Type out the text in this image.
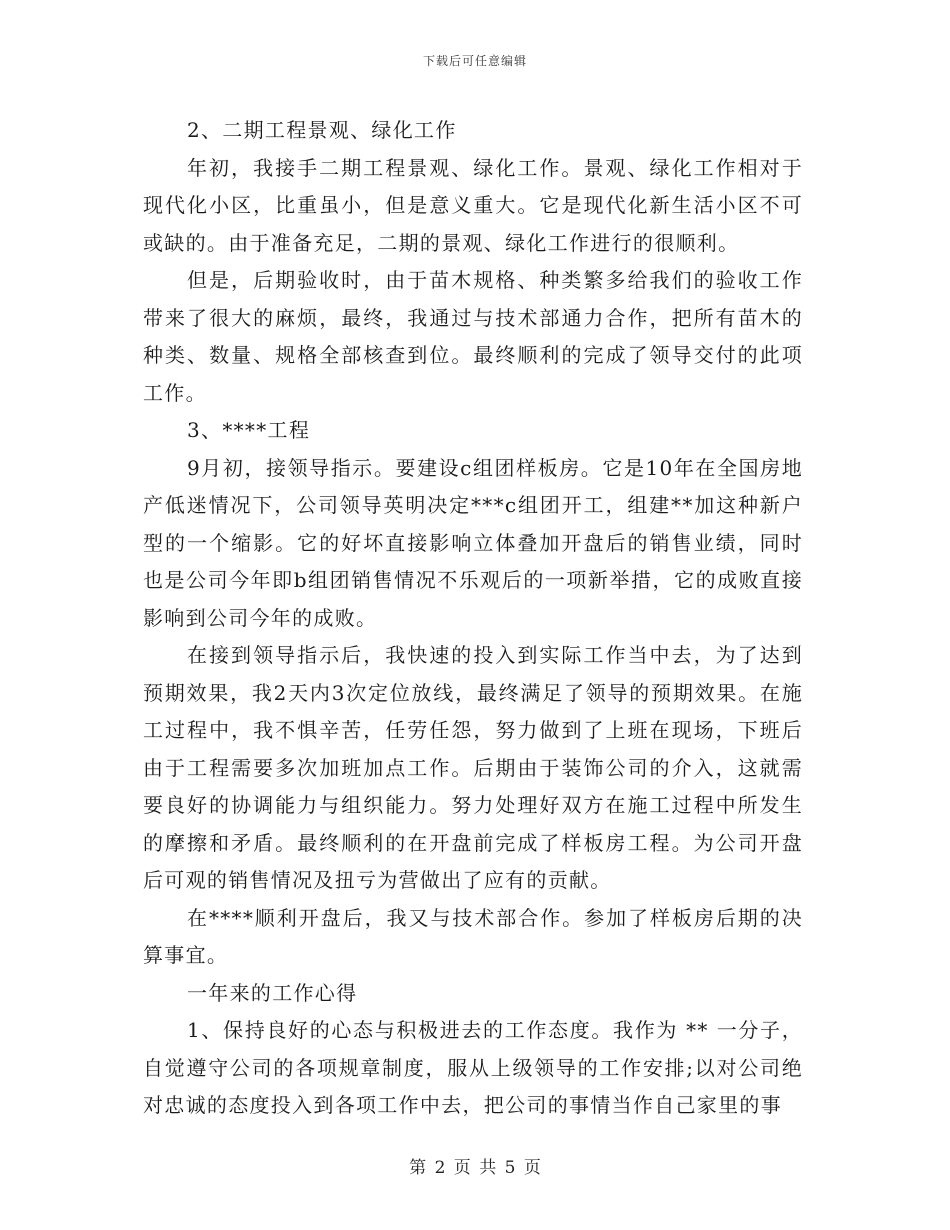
下载后可任意编辑

2、二期工程景观、绿化工作

年初，我接手二期工程景观、绿化工作。景观、绿化工作相对于现代化小区，比重虽小，但是意义重大。它是现代化新生活小区不可或缺的。由于准备充足，二期的景观、绿化工作进行的很顺利。

但是，后期验收时，由于苗木规格、种类繁多给我们的验收工作带来了很大的麻烦，最终，我通过与技术部通力合作，把所有苗木的种类、数量、规格全部核查到位。最终顺利的完成了领导交付的此项工作。

3、****工程

9月初，接领导指示。要建设c组团样板房。它是10年在全国房地产低迷情况下，公司领导英明决定***c组团开工，组建**加这种新户型的一个缩影。它的好坏直接影响立体叠加开盘后的销售业绩，同时也是公司今年即b组团销售情况不乐观后的一项新举措，它的成败直接影响到公司今年的成败。

在接到领导指示后，我快速的投入到实际工作当中去，为了达到预期效果，我2天内3次定位放线，最终满足了领导的预期效果。在施工过程中，我不惧辛苦，任劳任怨，努力做到了上班在现场，下班后由于工程需要多次加班加点工作。后期由于装饰公司的介入，这就需要良好的协调能力与组织能力。努力处理好双方在施工过程中所发生的摩擦和矛盾。最终顺利的在开盘前完成了样板房工程。为公司开盘后可观的销售情况及扭亏为营做出了应有的贡献。

在****顺利开盘后，我又与技术部合作。参加了样板房后期的决算事宜。

一年来的工作心得

1、保持良好的心态与积极进去的工作态度。我作为 ** 一分子，自觉遵守公司的各项规章制度，服从上级领导的工作安排;以对公司绝对忠诚的态度投入到各项工作中去，把公司的事情当作自己家里的事

第 2 页 共 5 页
